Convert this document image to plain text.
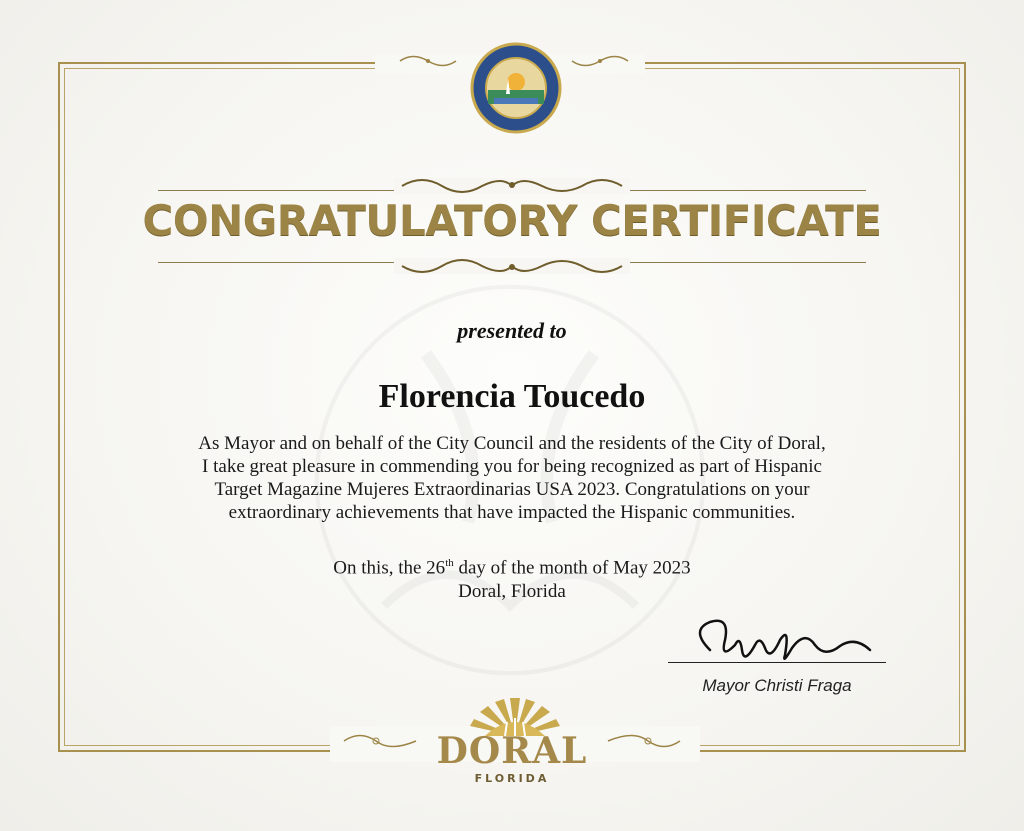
CONGRATULATORY CERTIFICATE
presented to
Florencia Toucedo
As Mayor and on behalf of the City Council and the residents of the City of Doral,
I take great pleasure in commending you for being recognized as part of Hispanic
Target Magazine Mujeres Extraordinarias USA 2023. Congratulations on your
extraordinary achievements that have impacted the Hispanic communities.
On this, the 26th day of the month of May 2023
Doral, Florida
Mayor Christi Fraga
DORAL
FLORIDA
